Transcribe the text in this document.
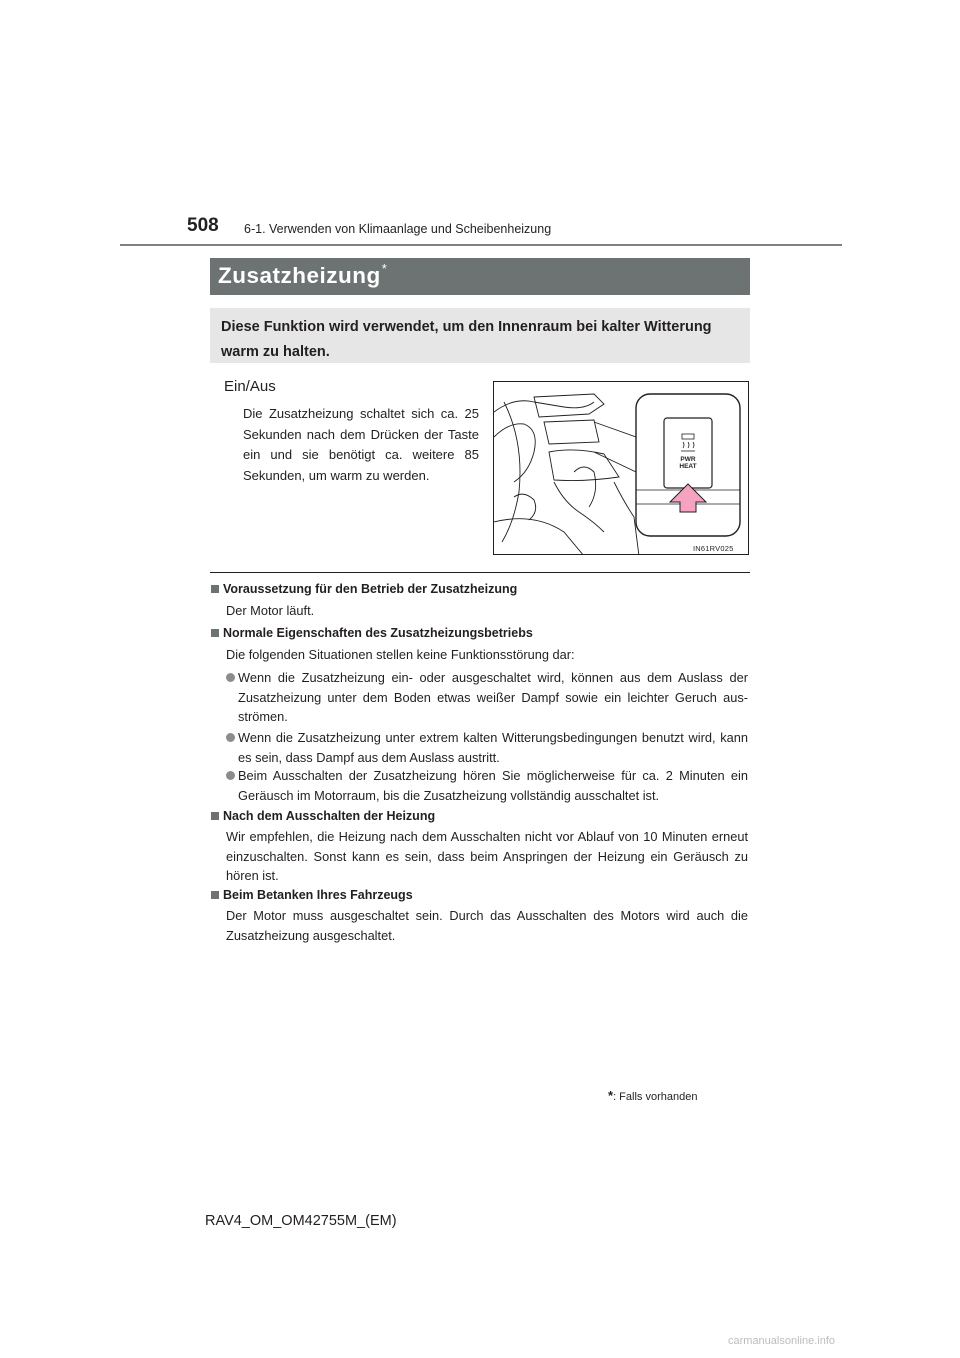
508 6-1. Verwenden von Klimaanlage und Scheibenheizung
Zusatzheizung*
Diese Funktion wird verwendet, um den Innenraum bei kalter Witterung warm zu halten.
Ein/Aus
Die Zusatzheizung schaltet sich ca. 25 Sekunden nach dem Drücken der Taste ein und sie benötigt ca. weitere 85 Sekunden, um warm zu werden.
PWR
HEAT
IN61RV025
Voraussetzung für den Betrieb der Zusatzheizung
Der Motor läuft.
Normale Eigenschaften des Zusatzheizungsbetriebs
Die folgenden Situationen stellen keine Funktionsstörung dar:
Wenn die Zusatzheizung ein- oder ausgeschaltet wird, können aus dem Auslass der Zusatzheizung unter dem Boden etwas weißer Dampf sowie ein leichter Geruch aus-strömen.
Wenn die Zusatzheizung unter extrem kalten Witterungsbedingungen benutzt wird, kann es sein, dass Dampf aus dem Auslass austritt.
Beim Ausschalten der Zusatzheizung hören Sie möglicherweise für ca. 2 Minuten ein Geräusch im Motorraum, bis die Zusatzheizung vollständig ausschaltet ist.
Nach dem Ausschalten der Heizung
Wir empfehlen, die Heizung nach dem Ausschalten nicht vor Ablauf von 10 Minuten erneut einzuschalten. Sonst kann es sein, dass beim Anspringen der Heizung ein Geräusch zu hören ist.
Beim Betanken Ihres Fahrzeugs
Der Motor muss ausgeschaltet sein. Durch das Ausschalten des Motors wird auch die Zusatzheizung ausgeschaltet.
*: Falls vorhanden
RAV4_OM_OM42755M_(EM)
carmanualsonline.info
